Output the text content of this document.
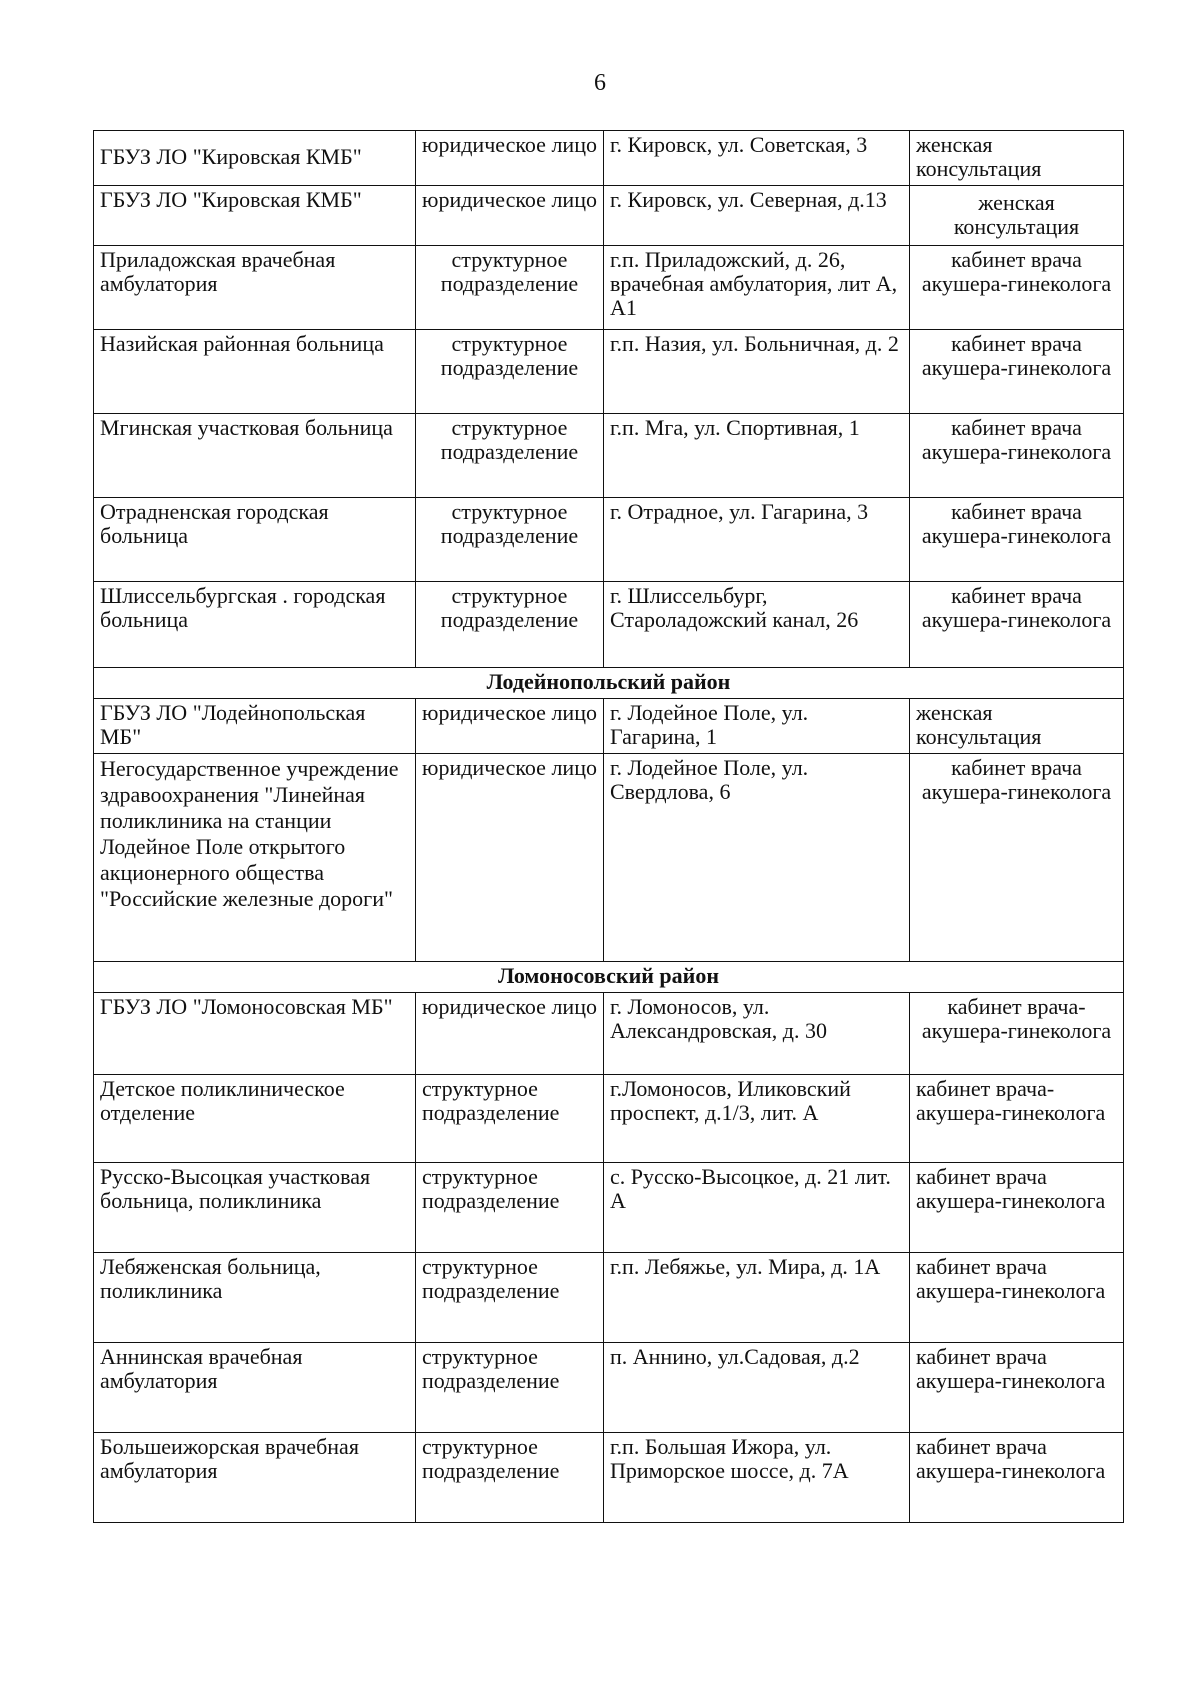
6
ГБУЗ ЛО "Кировская КМБ"	юридическое лицо	г. Кировск, ул. Советская, 3	женская консультация
ГБУЗ ЛО "Кировская КМБ"	юридическое лицо	г. Кировск, ул. Северная, д.13	женская консультация
Приладожская врачебная амбулатория	структурное подразделение	г.п. Приладожский, д. 26, врачебная амбулатория, лит А, А1	кабинет врача акушера-гинеколога
Назийская районная больница	структурное подразделение	г.п. Назия, ул. Больничная, д. 2	кабинет врача акушера-гинеколога
Мгинская участковая больница	структурное подразделение	г.п. Мга, ул. Спортивная, 1	кабинет врача акушера-гинеколога
Отрадненская городская больница	структурное подразделение	г. Отрадное, ул. Гагарина, 3	кабинет врача акушера-гинеколога
Шлиссельбургская . городская больница	структурное подразделение	г. Шлиссельбург, Староладожский канал, 26	кабинет врача акушера-гинеколога
Лодейнопольский район			
ГБУЗ ЛО "Лодейнопольская МБ"	юридическое лицо	г. Лодейное Поле, ул. Гагарина, 1	женская консультация
Негосударственное учреждение здравоохранения "Линейная поликлиника на станции Лодейное Поле открытого акционерного общества "Российские железные дороги"	юридическое лицо	г. Лодейное Поле, ул. Свердлова, 6	кабинет врача акушера-гинеколога
Ломоносовский район			
ГБУЗ ЛО "Ломоносовская МБ"	юридическое лицо	г. Ломоносов, ул. Александровская, д. 30	кабинет врача-акушера-гинеколога
Детское поликлиническое отделение	структурное подразделение	г.Ломоносов, Иликовский проспект, д.1/3, лит. А	кабинет врача-акушера-гинеколога
Русско-Высоцкая участковая больница, поликлиника	структурное подразделение	с. Русско-Высоцкое, д. 21 лит. А	кабинет врача акушера-гинеколога
Лебяженская больница, поликлиника	структурное подразделение	г.п. Лебяжье, ул. Мира, д. 1А	кабинет врача акушера-гинеколога
Аннинская врачебная амбулатория	структурное подразделение	п. Аннино, ул.Садовая, д.2	кабинет врача акушера-гинеколога
Большеижорская врачебная амбулатория	структурное подразделение	г.п. Большая Ижора, ул. Приморское шоссе, д. 7А	кабинет врача акушера-гинеколога
